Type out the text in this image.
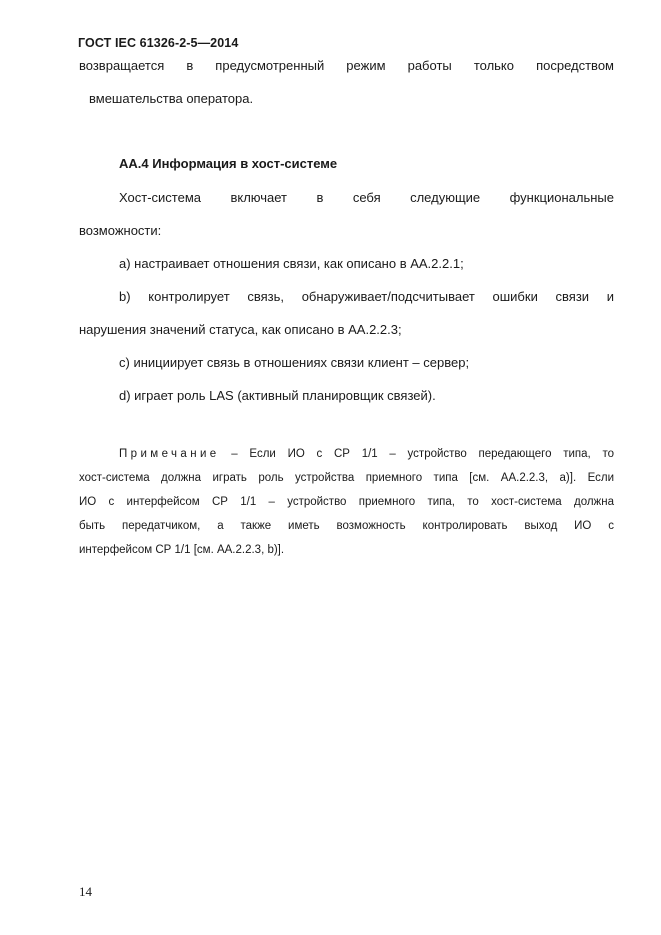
ГОСТ IEC 61326-2-5—2014
возвращается в предусмотренный режим работы только посредством
вмешательства оператора.
АА.4 Информация в хост-системе
Хост-система включает в себя следующие функциональные
возможности:
а) настраивает отношения связи, как описано в АА.2.2.1;
b) контролирует связь, обнаруживает/подсчитывает ошибки связи и
нарушения значений статуса, как описано в АА.2.2.3;
с) инициирует связь в отношениях связи клиент – сервер;
d) играет роль LAS (активный планировщик связей).
Примечание – Если ИО с СР 1/1 – устройство передающего типа, то
хост-система должна играть роль устройства приемного типа [см. АА.2.2.3, а)]. Если
ИО с интерфейсом СР 1/1 – устройство приемного типа, то хост-система должна
быть передатчиком, а также иметь возможность контролировать выход ИО с
интерфейсом СР 1/1 [см. АА.2.2.3, b)].
14
